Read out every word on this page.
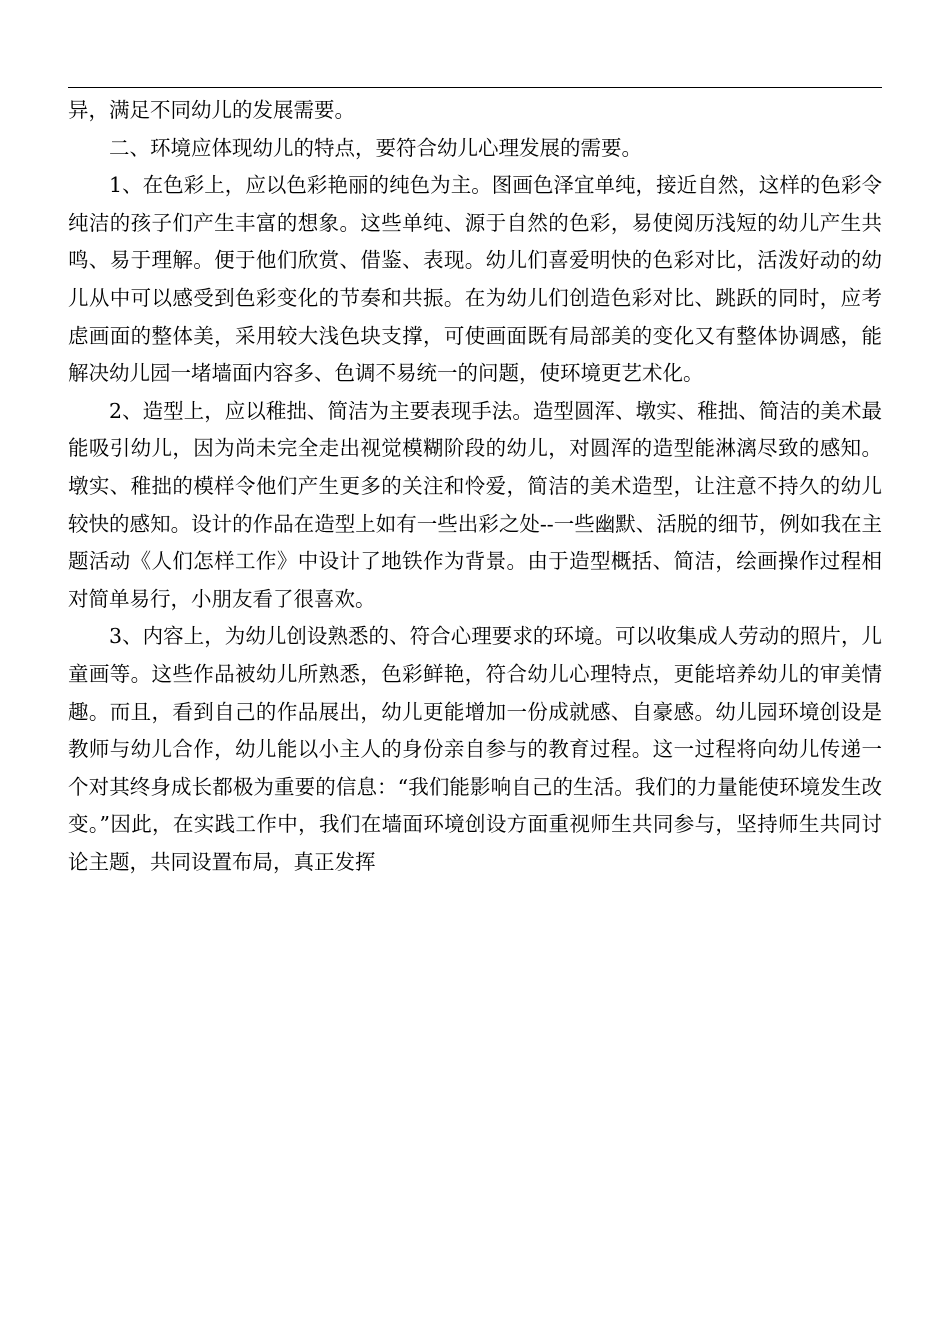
异，满足不同幼儿的发展需要。

二、环境应体现幼儿的特点，要符合幼儿心理发展的需要。

1、在色彩上，应以色彩艳丽的纯色为主。图画色泽宜单纯，接近自然，这样的色彩令纯洁的孩子们产生丰富的想象。这些单纯、源于自然的色彩，易使阅历浅短的幼儿产生共鸣、易于理解。便于他们欣赏、借鉴、表现。幼儿们喜爱明快的色彩对比，活泼好动的幼儿从中可以感受到色彩变化的节奏和共振。在为幼儿们创造色彩对比、跳跃的同时，应考虑画面的整体美，采用较大浅色块支撑，可使画面既有局部美的变化又有整体协调感，能解决幼儿园一堵墙面内容多、色调不易统一的问题，使环境更艺术化。

2、造型上，应以稚拙、简洁为主要表现手法。造型圆浑、墩实、稚拙、简洁的美术最能吸引幼儿，因为尚未完全走出视觉模糊阶段的幼儿，对圆浑的造型能淋漓尽致的感知。墩实、稚拙的模样令他们产生更多的关注和怜爱，简洁的美术造型，让注意不持久的幼儿较快的感知。设计的作品在造型上如有一些出彩之处--一些幽默、活脱的细节，例如我在主题活动《人们怎样工作》中设计了地铁作为背景。由于造型概括、简洁，绘画操作过程相对简单易行，小朋友看了很喜欢。

3、内容上，为幼儿创设熟悉的、符合心理要求的环境。可以收集成人劳动的照片，儿童画等。这些作品被幼儿所熟悉，色彩鲜艳，符合幼儿心理特点，更能培养幼儿的审美情趣。而且，看到自己的作品展出，幼儿更能增加一份成就感、自豪感。幼儿园环境创设是教师与幼儿合作，幼儿能以小主人的身份亲自参与的教育过程。这一过程将向幼儿传递一个对其终身成长都极为重要的信息：“我们能影响自己的生活。我们的力量能使环境发生改变。”因此，在实践工作中，我们在墙面环境创设方面重视师生共同参与，坚持师生共同讨论主题，共同设置布局，真正发挥
